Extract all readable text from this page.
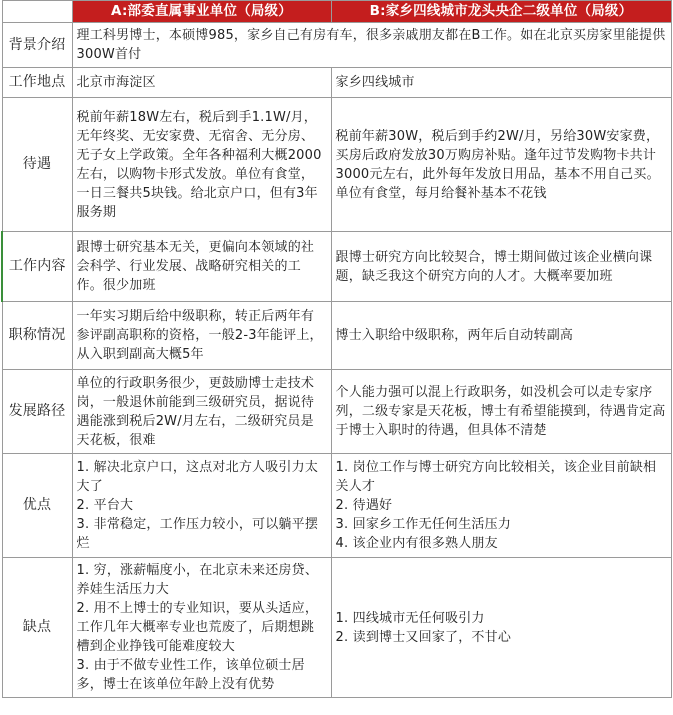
	A:部委直属事业单位（局级）	B:家乡四线城市龙头央企二级单位（局级）
背景介绍	理工科男博士，本硕博985，家乡自己有房有车，很多亲戚朋友都在B工作。如在北京买房家里能提供300W首付	
工作地点	北京市海淀区	家乡四线城市
待遇	税前年薪18W左右，税后到手1.1W/月，无年终奖、无安家费、无宿舍、无分房、无子女上学政策。全年各种福利大概2000左右，以购物卡形式发放。单位有食堂，一日三餐共5块钱。给北京户口，但有3年服务期	税前年薪30W，税后到手约2W/月，另给30W安家费，买房后政府发放30万购房补贴。逢年过节发购物卡共计3000元左右，此外每年发放日用品，基本不用自己买。单位有食堂，每月给餐补基本不花钱
工作内容	跟博士研究基本无关，更偏向本领域的社会科学、行业发展、战略研究相关的工作。很少加班	跟博士研究方向比较契合，博士期间做过该企业横向课题，缺乏我这个研究方向的人才。大概率要加班
职称情况	一年实习期后给中级职称，转正后两年有参评副高职称的资格，一般2-3年能评上，从入职到副高大概5年	博士入职给中级职称，两年后自动转副高
发展路径	单位的行政职务很少，更鼓励博士走技术岗，一般退休前能到三级研究员，据说待遇能涨到税后2W/月左右，二级研究员是天花板，很难	个人能力强可以混上行政职务，如没机会可以走专家序列，二级专家是天花板，博士有希望能摸到，待遇肯定高于博士入职时的待遇，但具体不清楚
优点	1. 解决北京户口，这点对北方人吸引力太大了
2. 平台大
3. 非常稳定，工作压力较小，可以躺平摆烂	1. 岗位工作与博士研究方向比较相关，该企业目前缺相关人才
2. 待遇好
3. 回家乡工作无任何生活压力
4. 该企业内有很多熟人朋友

缺点	1. 穷，涨薪幅度小，在北京未来还房贷、养娃生活压力大
2. 用不上博士的专业知识，要从头适应，工作几年大概率专业也荒废了，后期想跳槽到企业挣钱可能难度较大
3. 由于不做专业性工作，该单位硕士居多，博士在该单位年龄上没有优势	1. 四线城市无任何吸引力
2. 读到博士又回家了，不甘心
